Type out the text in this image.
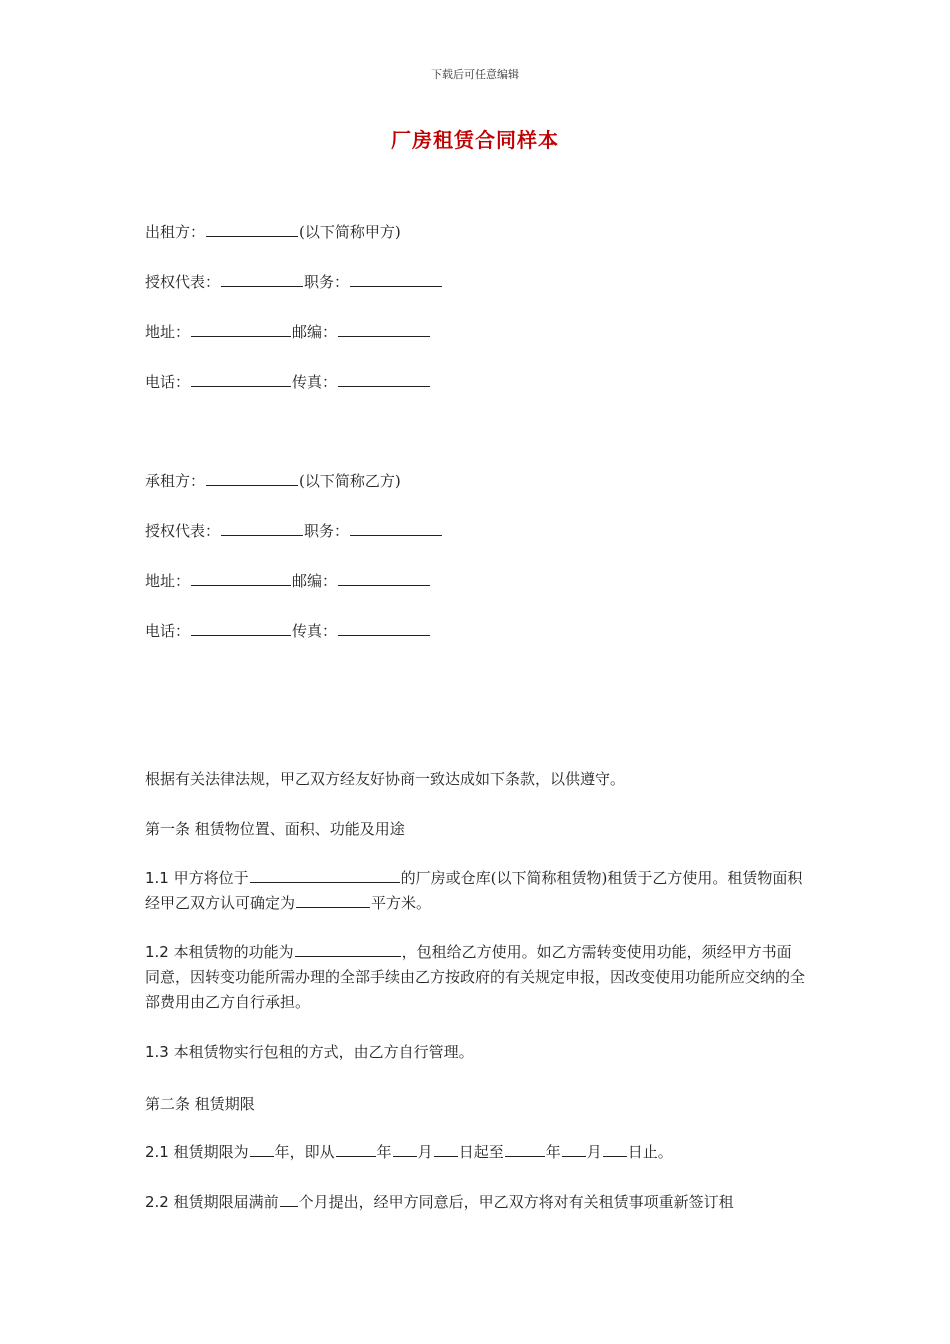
下载后可任意编辑
厂房租赁合同样本
出租方：	(以下简称甲方)
授权代表：	职务：
地址：	邮编：
电话：	传真：
承租方：	(以下简称乙方)
授权代表：	职务：
地址：	邮编：
电话：	传真：
根据有关法律法规，甲乙双方经友好协商一致达成如下条款，以供遵守。
第一条 租赁物位置、面积、功能及用途
1.1 甲方将位于	的厂房或仓库(以下简称租赁物)租赁于乙方使用。租赁物面积经甲乙双方认可确定为	平方米。
1.2 本租赁物的功能为	，包租给乙方使用。如乙方需转变使用功能，须经甲方书面同意，因转变功能所需办理的全部手续由乙方按政府的有关规定申报，因改变使用功能所应交纳的全部费用由乙方自行承担。
1.3 本租赁物实行包租的方式，由乙方自行管理。
第二条 租赁期限
2.1 租赁期限为 年，即从	年 月 日起至	年 月 日止。
2.2 租赁期限届满前 个月提出，经甲方同意后，甲乙双方将对有关租赁事项重新签订租
